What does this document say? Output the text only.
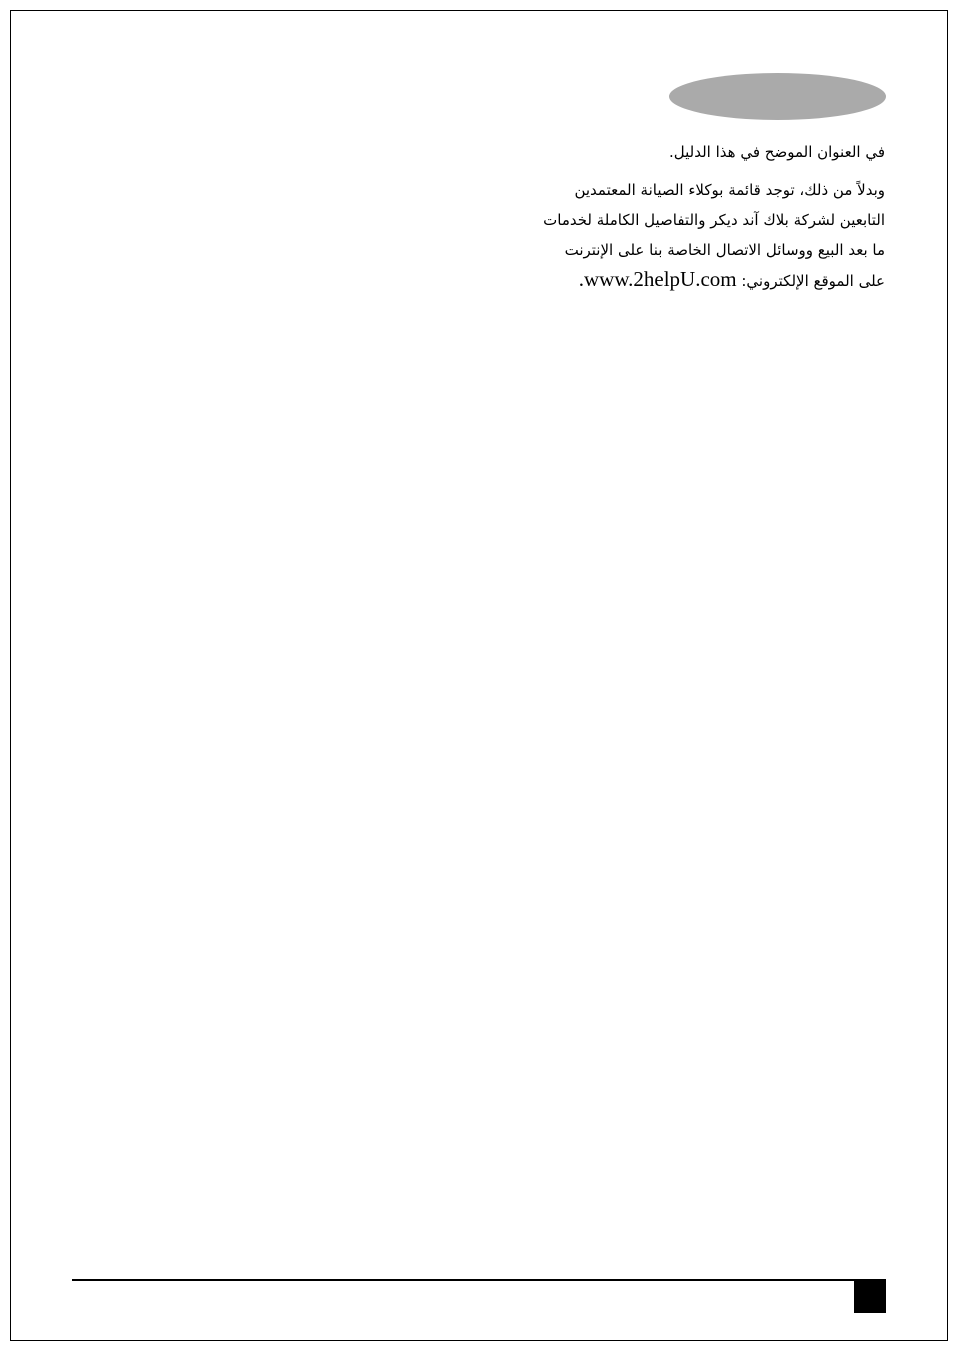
في العنوان الموضح في هذا الدليل.
وبدلاً من ذلك، توجد قائمة بوكلاء الصيانة المعتمدين
التابعين لشركة بلاك آند ديكر والتفاصيل الكاملة لخدمات
ما بعد البيع ووسائل الاتصال الخاصة بنا على الإنترنت
على الموقع الإلكتروني: www.2helpU.com.
